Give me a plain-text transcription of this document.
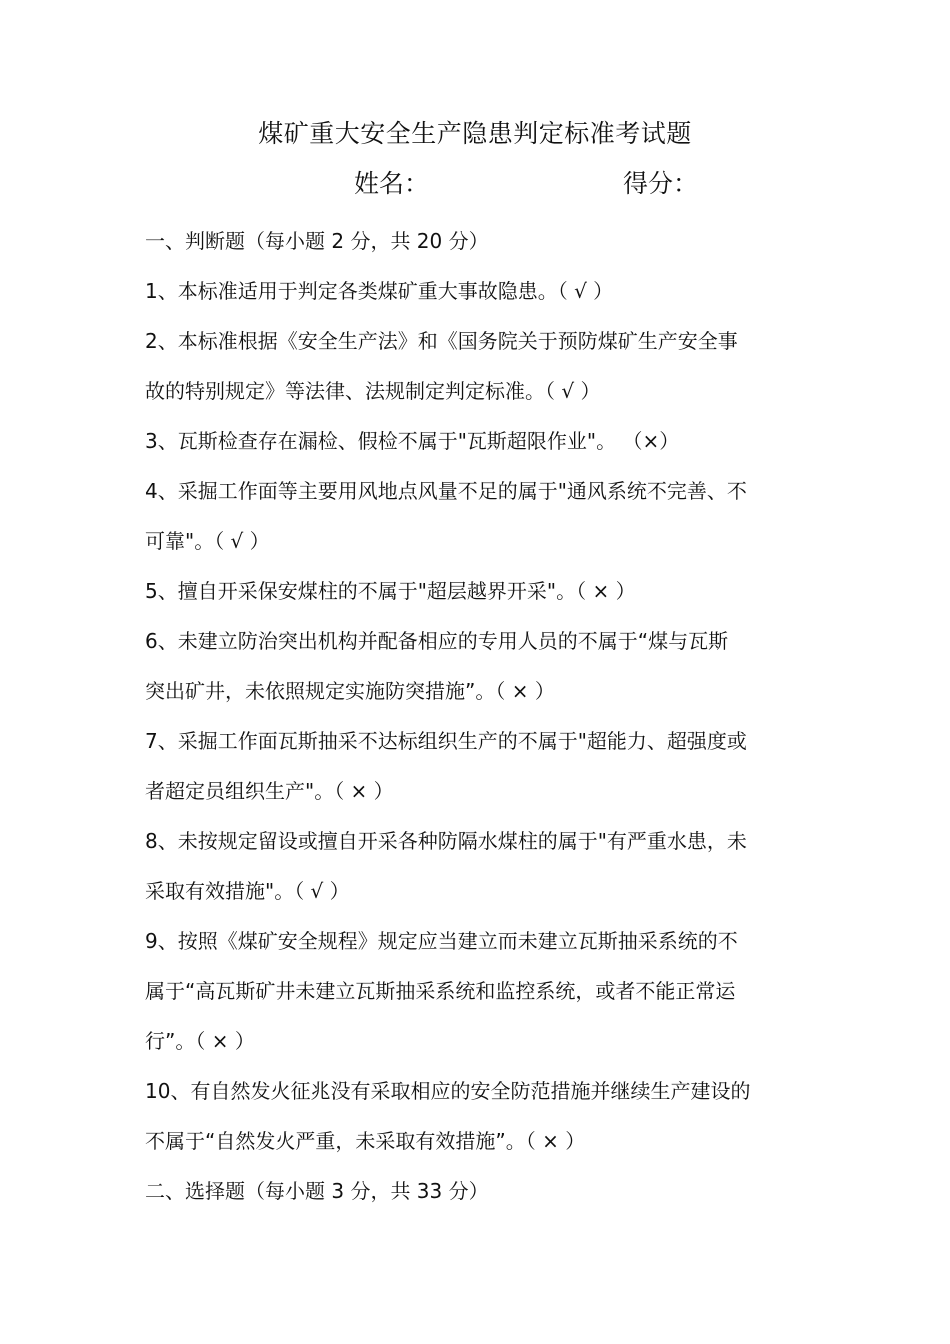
煤矿重大安全生产隐患判定标准考试题
姓名：	得分：
一、判断题（每小题 2 分，共 20 分）
1、本标准适用于判定各类煤矿重大事故隐患。（ √ ）
2、本标准根据《安全生产法》和《国务院关于预防煤矿生产安全事
故的特别规定》等法律、法规制定判定标准。（ √ ）
3、瓦斯检查存在漏检、假检不属于"瓦斯超限作业"。 （×）
4、采掘工作面等主要用风地点风量不足的属于"通风系统不完善、不
可靠"。（ √ ）
5、擅自开采保安煤柱的不属于"超层越界开采"。（ × ）
6、未建立防治突出机构并配备相应的专用人员的不属于“煤与瓦斯
突出矿井，未依照规定实施防突措施”。（ × ）
7、采掘工作面瓦斯抽采不达标组织生产的不属于"超能力、超强度或
者超定员组织生产"。（ × ）
8、未按规定留设或擅自开采各种防隔水煤柱的属于"有严重水患，未
采取有效措施"。（ √ ）
9、按照《煤矿安全规程》规定应当建立而未建立瓦斯抽采系统的不
属于“高瓦斯矿井未建立瓦斯抽采系统和监控系统，或者不能正常运
行”。（ × ）
10、有自然发火征兆没有采取相应的安全防范措施并继续生产建设的
不属于“自然发火严重，未采取有效措施”。（ × ）
二、选择题（每小题 3 分，共 33 分）
